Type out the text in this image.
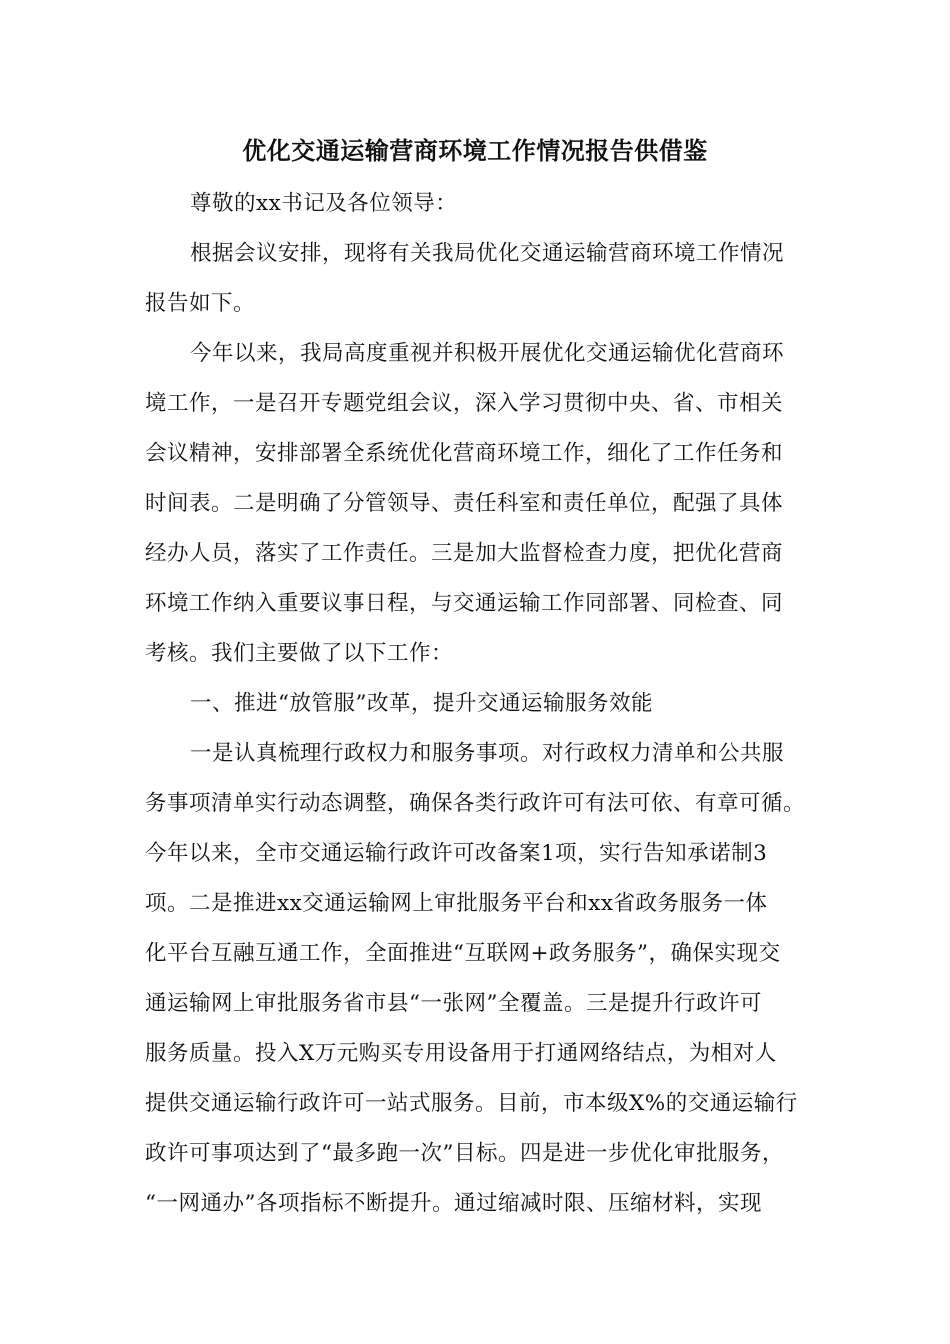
优化交通运输营商环境工作情况报告供借鉴
尊敬的xx书记及各位领导：
根据会议安排，现将有关我局优化交通运输营商环境工作情况
报告如下。
今年以来，我局高度重视并积极开展优化交通运输优化营商环
境工作，一是召开专题党组会议，深入学习贯彻中央、省、市相关
会议精神，安排部署全系统优化营商环境工作，细化了工作任务和
时间表。二是明确了分管领导、责任科室和责任单位，配强了具体
经办人员，落实了工作责任。三是加大监督检查力度，把优化营商
环境工作纳入重要议事日程，与交通运输工作同部署、同检查、同
考核。我们主要做了以下工作：
一、推进“放管服”改革，提升交通运输服务效能
一是认真梳理行政权力和服务事项。对行政权力清单和公共服
务事项清单实行动态调整，确保各类行政许可有法可依、有章可循。
今年以来，全市交通运输行政许可改备案1项，实行告知承诺制3
项。二是推进xx交通运输网上审批服务平台和xx省政务服务一体
化平台互融互通工作，全面推进“互联网+政务服务”，确保实现交
通运输网上审批服务省市县“一张网”全覆盖。三是提升行政许可
服务质量。投入X万元购买专用设备用于打通网络结点，为相对人
提供交通运输行政许可一站式服务。目前，市本级X%的交通运输行
政许可事项达到了“最多跑一次”目标。四是进一步优化审批服务，
“一网通办”各项指标不断提升。通过缩减时限、压缩材料，实现
